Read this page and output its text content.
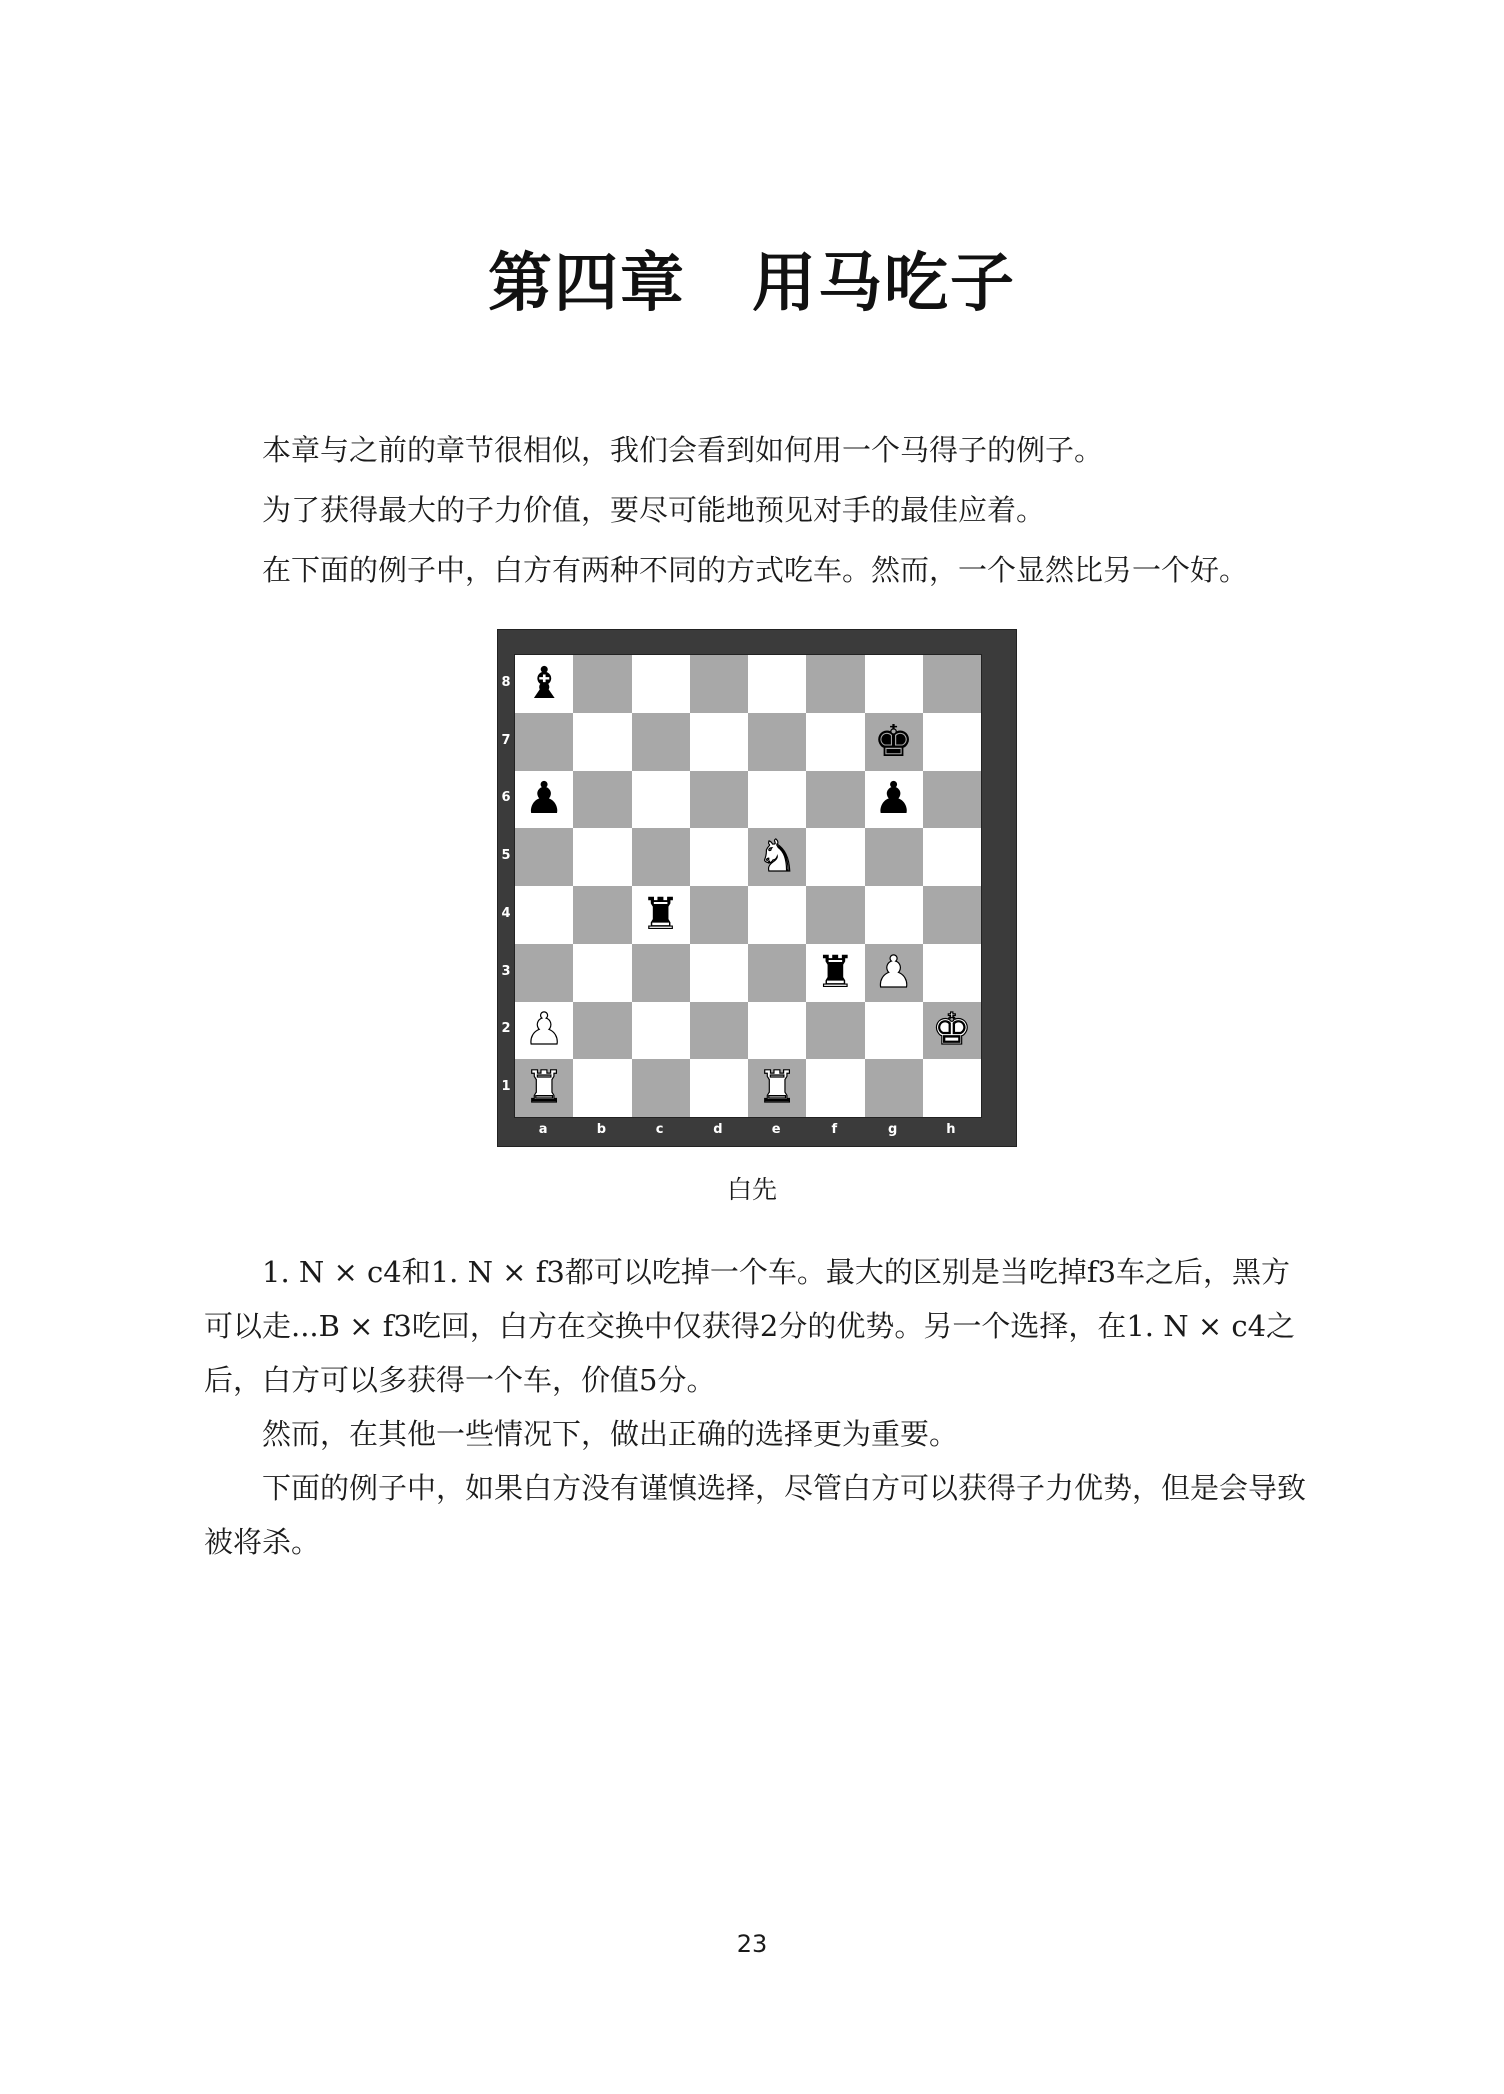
第四章　用马吃子

本章与之前的章节很相似，我们会看到如何用一个马得子的例子。

为了获得最大的子力价值，要尽可能地预见对手的最佳应着。

在下面的例子中，白方有两种不同的方式吃车。然而，一个显然比另一个好。

♝
♚
♟	♟
♞
♜
♜ ♟
♟	♚
♜	♜
8
7
6
5
4
3
2
1
a	b	c	d	e	f	g	h
白先

1. N × c4和1. N × f3都可以吃掉一个车。最大的区别是当吃掉f3车之后，黑方可以走...B × f3吃回，白方在交换中仅获得2分的优势。另一个选择，在1. N × c4之后，白方可以多获得一个车，价值5分。

然而，在其他一些情况下，做出正确的选择更为重要。

下面的例子中，如果白方没有谨慎选择，尽管白方可以获得子力优势，但是会导致被将杀。

23
